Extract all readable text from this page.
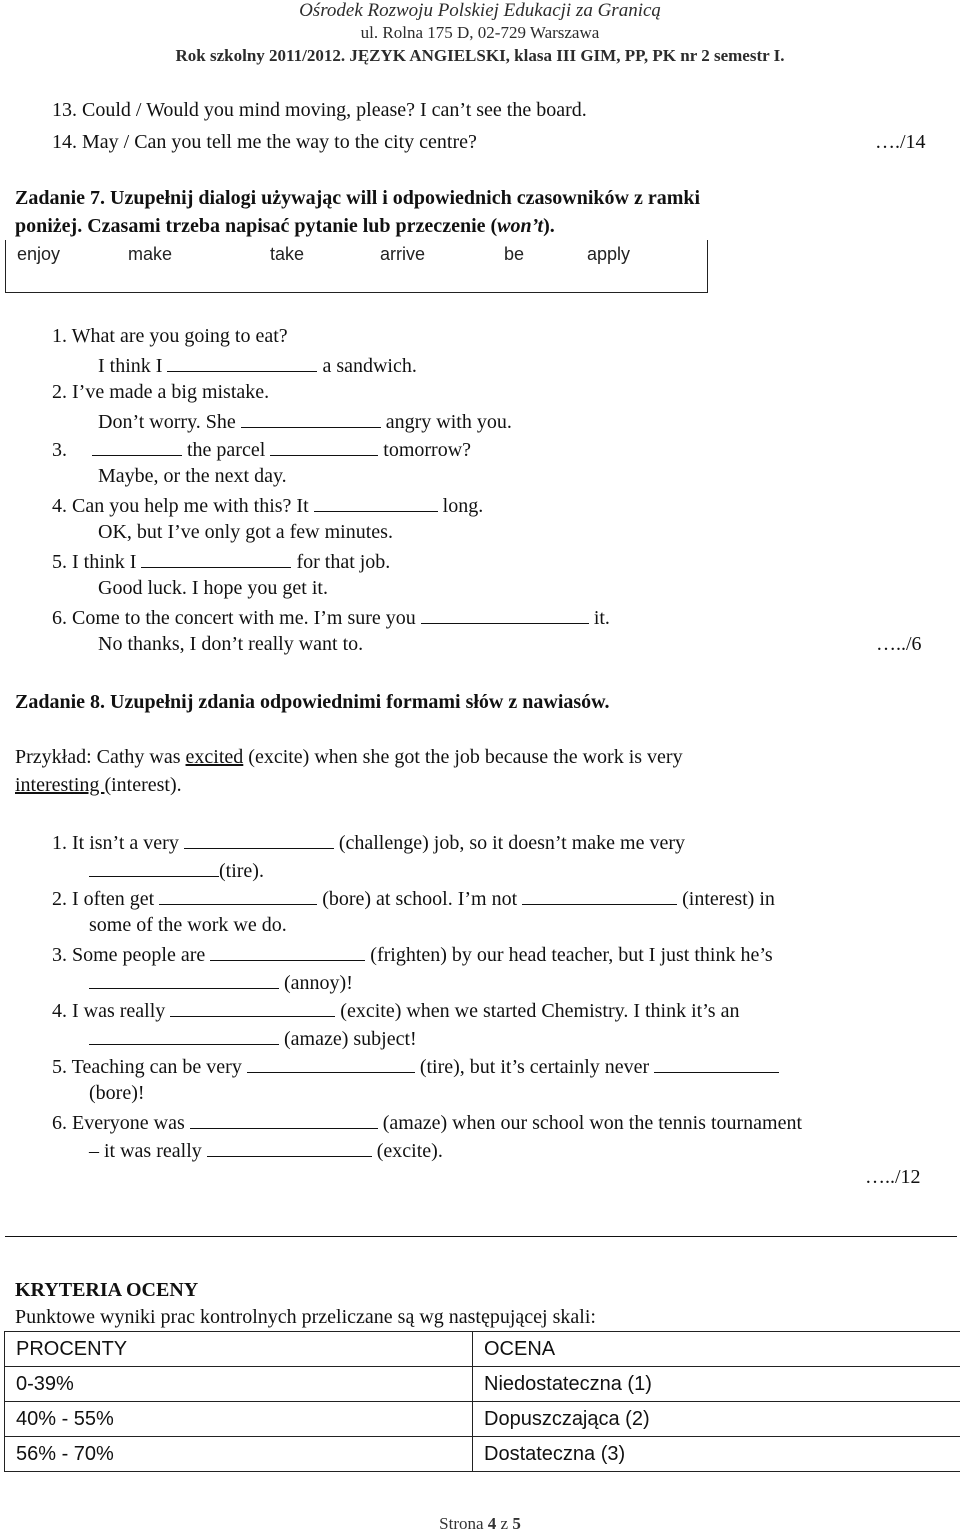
Ośrodek Rozwoju Polskiej Edukacji za Granicą
ul. Rolna 175 D, 02-729 Warszawa
Rok szkolny 2011/2012. JĘZYK ANGIELSKI, klasa III GIM, PP, PK nr 2 semestr I.
13. Could / Would you mind moving, please? I can’t see the board.
14. May / Can you tell me the way to the city centre?	…./14
Zadanie 7. Uzupełnij dialogi używając will i odpowiednich czasowników z ramki
poniżej. Czasami trzeba napisać pytanie lub przeczenie (won’t).
enjoy	make	take	arrive	be	apply
1. What are you going to eat?
I think I	a sandwich.
2. I’ve made a big mistake.
Don’t worry. She	angry with you.
3.	the parcel	tomorrow?
Maybe, or the next day.
4. Can you help me with this? It	long.
OK, but I’ve only got a few minutes.
5. I think I	for that job.
Good luck. I hope you get it.
6. Come to the concert with me. I’m sure you	it.
No thanks, I don’t really want to.	…../6
Zadanie 8. Uzupełnij zdania odpowiednimi formami słów z nawiasów.
Przykład: Cathy was excited (excite) when she got the job because the work is very
interesting (interest).
1. It isn’t a very	(challenge) job, so it doesn’t make me very
(tire).
2. I often get	(bore) at school. I’m not	(interest) in
some of the work we do.
3. Some people are	(frighten) by our head teacher, but I just think he’s
(annoy)!
4. I was really	(excite) when we started Chemistry. I think it’s an
(amaze) subject!
5. Teaching can be very	(tire), but it’s certainly never
(bore)!
6. Everyone was	(amaze) when our school won the tennis tournament
– it was really	(excite).
…../12
KRYTERIA OCENY
Punktowe wyniki prac kontrolnych przeliczane są wg następującej skali:
PROCENTY	OCENA
0-39%	Niedostateczna (1)
40% - 55%	Dopuszczająca (2)
56% - 70%	Dostateczna (3)
Strona 4 z 5
